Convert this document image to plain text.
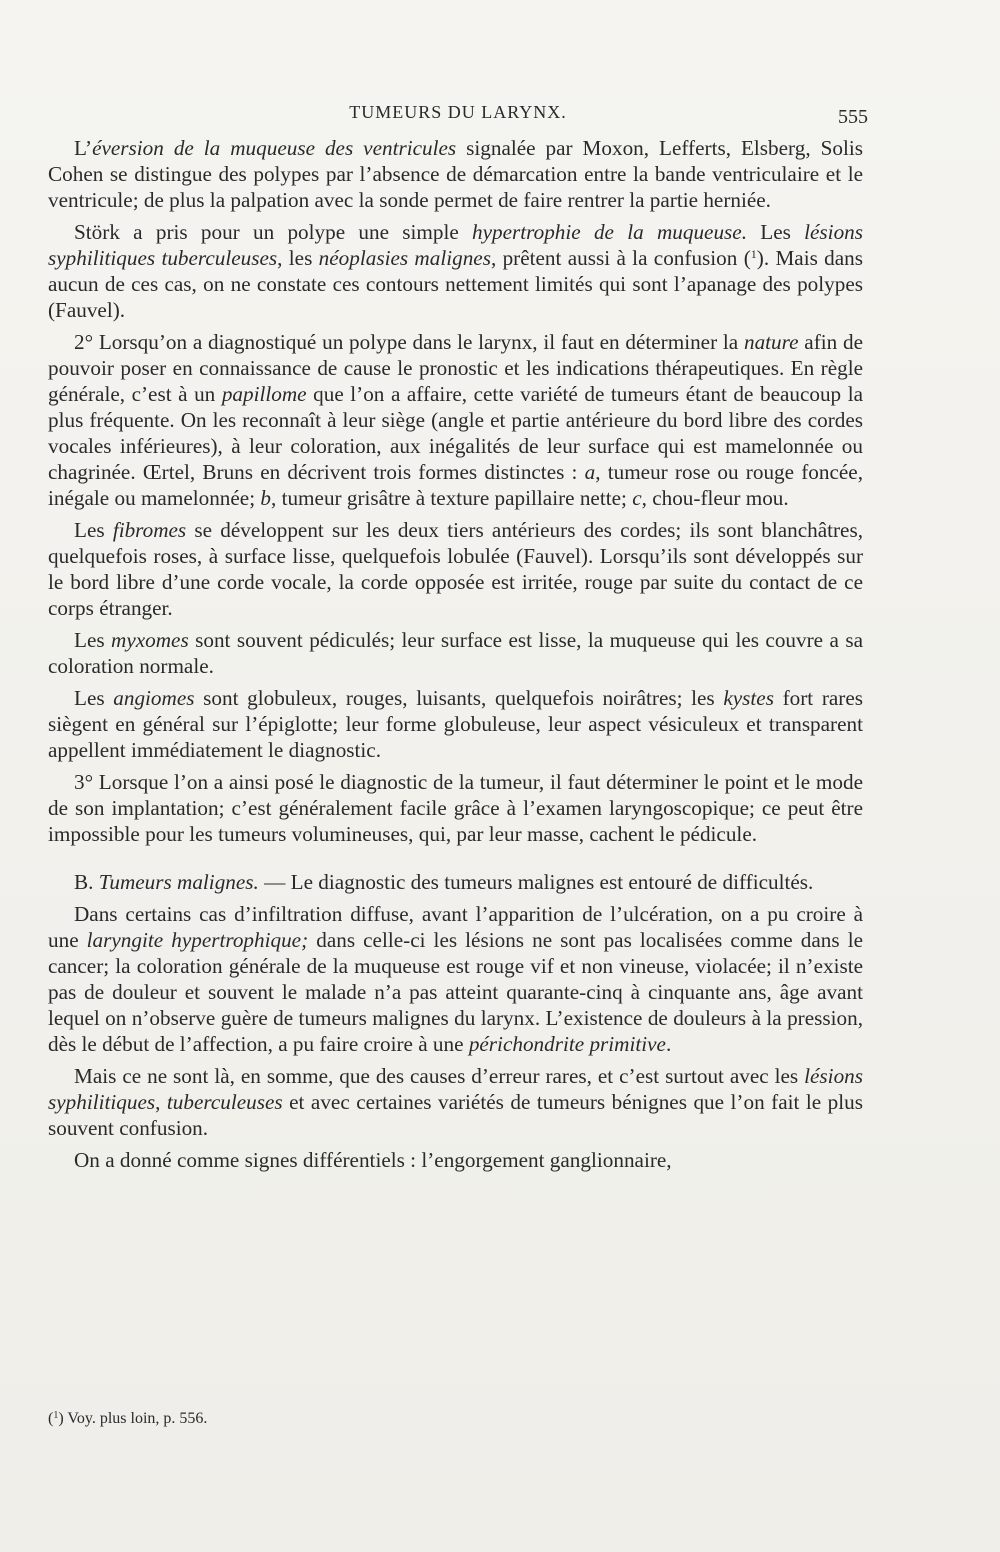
TUMEURS DU LARYNX.	555

L’éversion de la muqueuse des ventricules signalée par Moxon, Lefferts, Elsberg, Solis Cohen se distingue des polypes par l’absence de démarcation entre la bande ventriculaire et le ventricule; de plus la palpation avec la sonde permet de faire rentrer la partie herniée.

Störk a pris pour un polype une simple hypertrophie de la muqueuse. Les lésions syphilitiques tuberculeuses, les néoplasies malignes, prêtent aussi à la confusion ($^1$). Mais dans aucun de ces cas, on ne constate ces contours nettement limités qui sont l’apanage des polypes (Fauvel).

2° Lorsqu’on a diagnostiqué un polype dans le larynx, il faut en déterminer la nature afin de pouvoir poser en connaissance de cause le pronostic et les indications thérapeutiques. En règle générale, c’est à un papillome que l’on a affaire, cette variété de tumeurs étant de beaucoup la plus fréquente. On les reconnaît à leur siège (angle et partie antérieure du bord libre des cordes vocales inférieures), à leur coloration, aux inégalités de leur surface qui est mamelonnée ou chagrinée. Œrtel, Bruns en décrivent trois formes distinctes : a, tumeur rose ou rouge foncée, inégale ou mamelonnée; b, tumeur grisâtre à texture papillaire nette; c, chou-fleur mou.

Les fibromes se développent sur les deux tiers antérieurs des cordes; ils sont blanchâtres, quelquefois roses, à surface lisse, quelquefois lobulée (Fauvel). Lorsqu’ils sont développés sur le bord libre d’une corde vocale, la corde opposée est irritée, rouge par suite du contact de ce corps étranger.

Les myxomes sont souvent pédiculés; leur surface est lisse, la muqueuse qui les couvre a sa coloration normale.

Les angiomes sont globuleux, rouges, luisants, quelquefois noirâtres; les kystes fort rares siègent en général sur l’épiglotte; leur forme globuleuse, leur aspect vésiculeux et transparent appellent immédiatement le diagnostic.

3° Lorsque l’on a ainsi posé le diagnostic de la tumeur, il faut déterminer le point et le mode de son implantation; c’est généralement facile grâce à l’examen laryngoscopique; ce peut être impossible pour les tumeurs volumineuses, qui, par leur masse, cachent le pédicule.

B. Tumeurs malignes. — Le diagnostic des tumeurs malignes est entouré de difficultés.

Dans certains cas d’infiltration diffuse, avant l’apparition de l’ulcération, on a pu croire à une laryngite hypertrophique; dans celle-ci les lésions ne sont pas localisées comme dans le cancer; la coloration générale de la muqueuse est rouge vif et non vineuse, violacée; il n’existe pas de douleur et souvent le malade n’a pas atteint quarante-cinq à cinquante ans, âge avant lequel on n’observe guère de tumeurs malignes du larynx. L’existence de douleurs à la pression, dès le début de l’affection, a pu faire croire à une périchondrite primitive.

Mais ce ne sont là, en somme, que des causes d’erreur rares, et c’est surtout avec les lésions syphilitiques, tuberculeuses et avec certaines variétés de tumeurs bénignes que l’on fait le plus souvent confusion.

On a donné comme signes différentiels : l’engorgement ganglionnaire,

($^1$) Voy. plus loin, p. 556.
